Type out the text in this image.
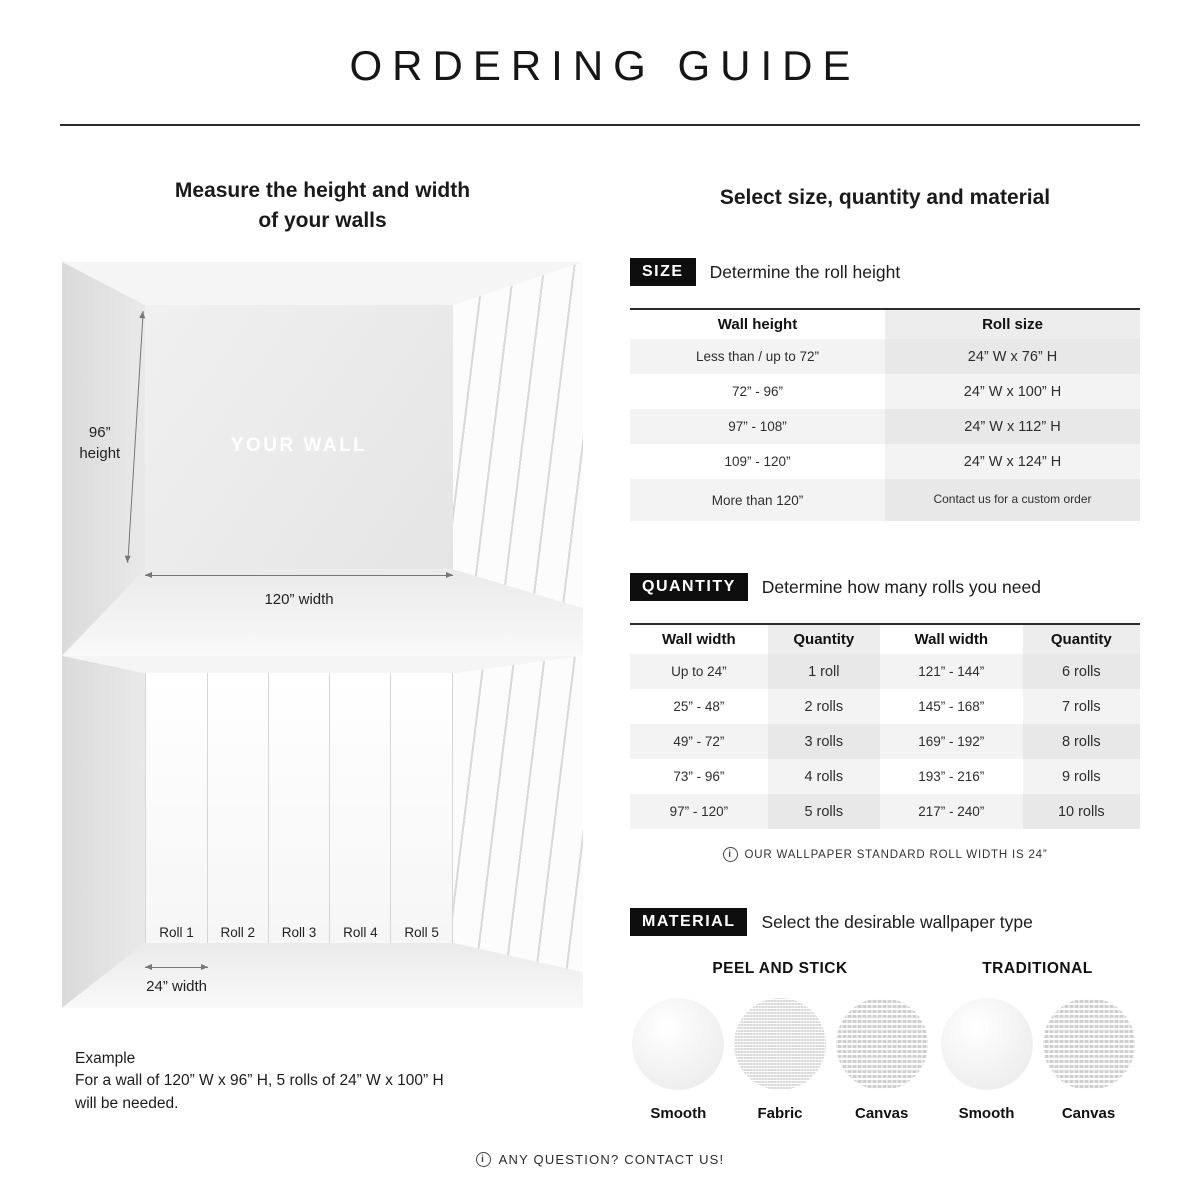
ORDERING GUIDE
Measure the height and width
of your walls
96”
height	YOUR WALL
120” width
Roll 1	Roll 2	Roll 3	Roll 4	Roll 5
24” width
Example
For a wall of 120” W x 96” H, 5 rolls of 24” W x 100” H
will be needed.
Select size, quantity and material
SIZE	Determine the roll height
Wall height	Roll size
Less than / up to 72”	24” W x 76” H
72” - 96”	24” W x 100” H
97” - 108”	24” W x 112” H
109” - 120”	24” W x 124” H
More than 120”	Contact us for a custom order
QUANTITY	Determine how many rolls you need
Wall width	Quantity	Wall width	Quantity
Up to 24”	1 roll	121” - 144”	6 rolls
25” - 48”	2 rolls	145” - 168”	7 rolls
49” - 72”	3 rolls	169” - 192”	8 rolls
73” - 96”	4 rolls	193” - 216”	9 rolls
97” - 120”	5 rolls	217” - 240”	10 rolls
i	OUR WALLPAPER STANDARD ROLL WIDTH IS 24”
MATERIAL	Select the desirable wallpaper type
PEEL AND STICK
Smooth	Fabric	Canvas
TRADITIONAL
Smooth	Canvas
i	ANY QUESTION? CONTACT US!
